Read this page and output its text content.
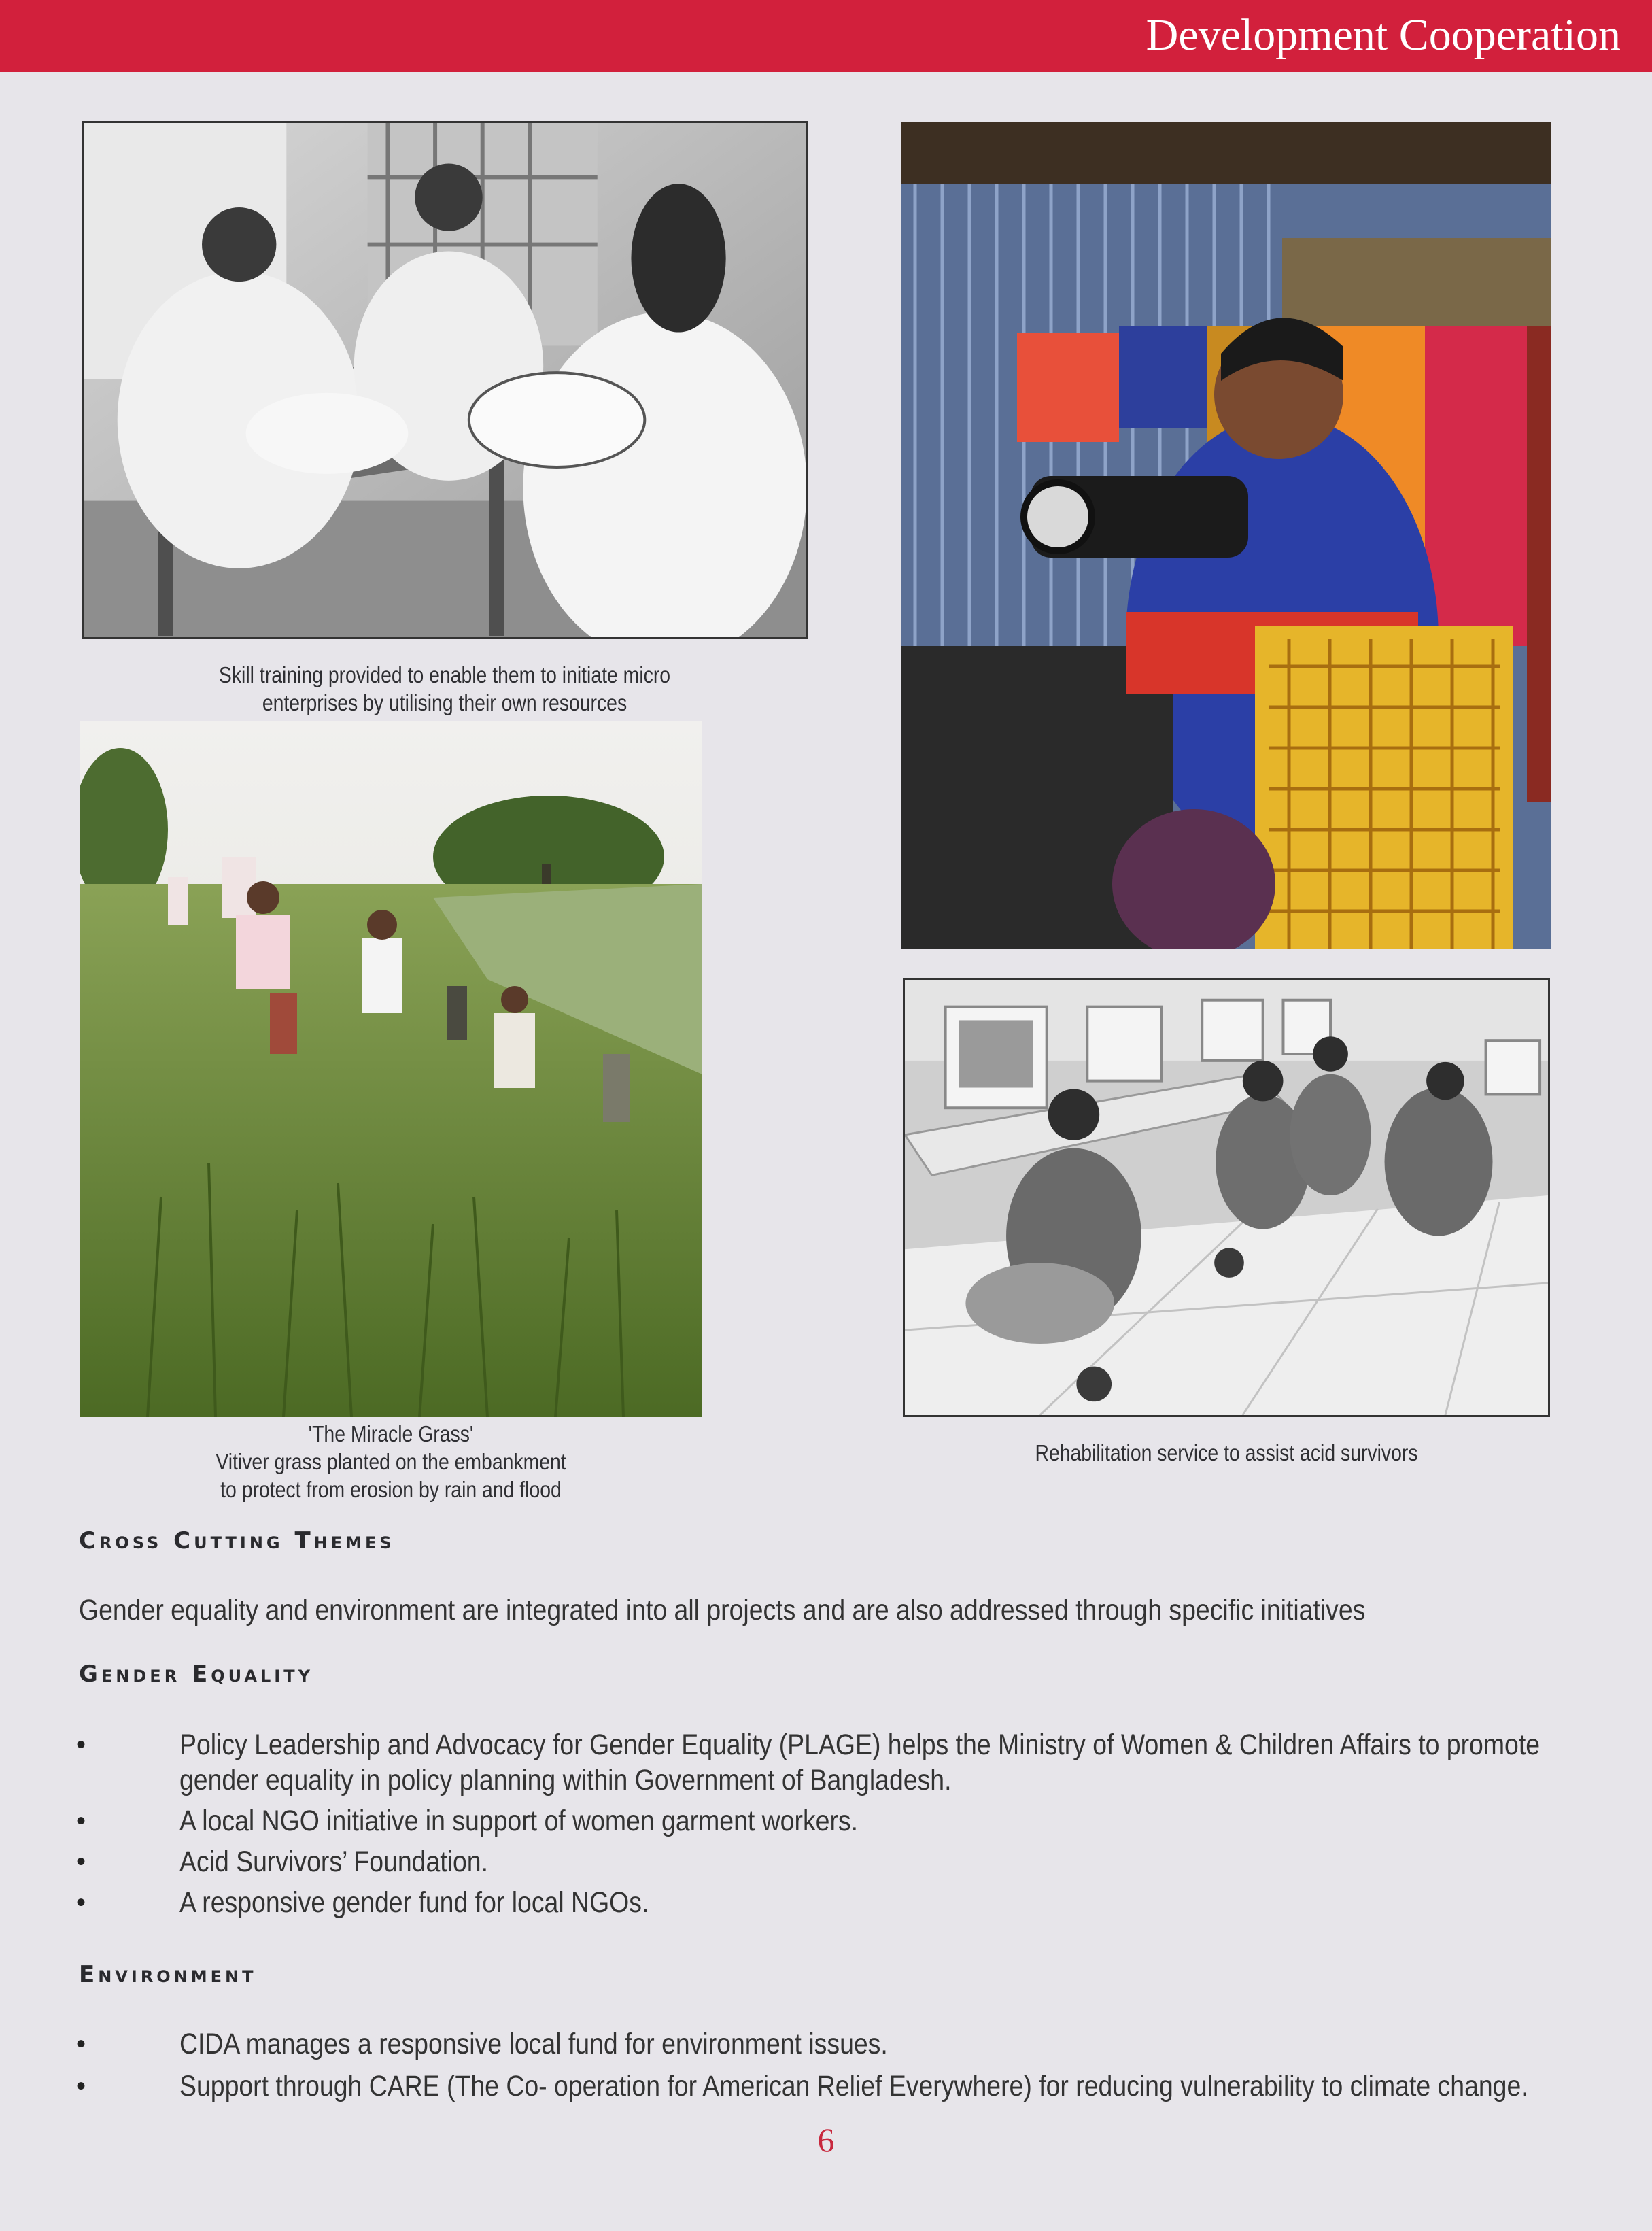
Development Cooperation
Skill training provided to enable them to initiate micro
enterprises by utilising their own resources
'The Miracle Grass'
Vitiver grass planted on the embankment
to protect from erosion by rain and flood
Rehabilitation service to assist acid survivors
Cross Cutting Themes
Gender equality and environment are integrated into all projects and are also addressed through specific initiatives
Gender Equality
•	Policy Leadership and Advocacy for Gender Equality (PLAGE) helps the Ministry of Women & Children Affairs to promote
gender equality in policy planning within Government of Bangladesh.
•	A local NGO initiative in support of women garment workers.
•	Acid Survivors’ Foundation.
•	A responsive gender fund for local NGOs.
Environment
•	CIDA manages a responsive local fund for environment issues.
•	Support through CARE (The Co- operation for American Relief Everywhere) for reducing vulnerability to climate change.
6
